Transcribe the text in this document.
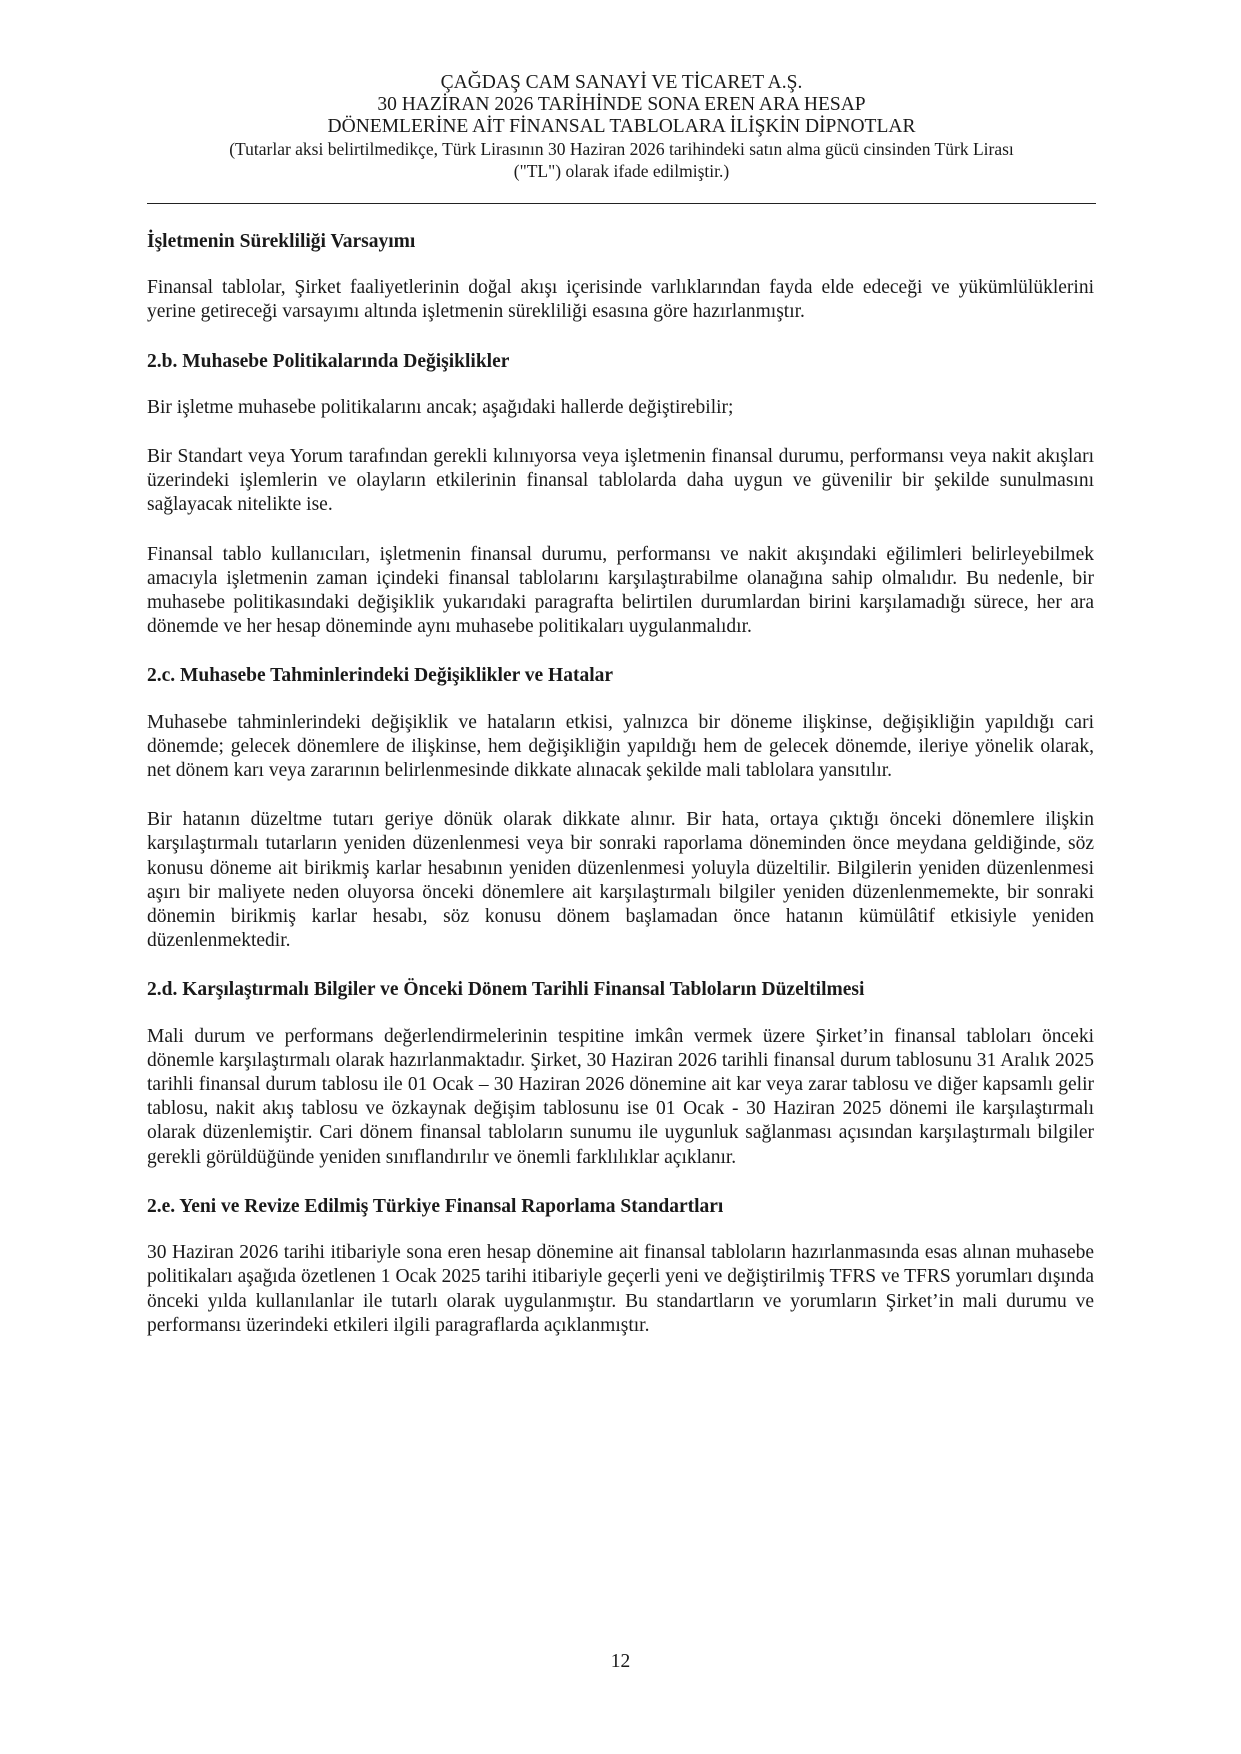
ÇAĞDAŞ CAM SANAYİ VE TİCARET A.Ş.
30 HAZİRAN 2026 TARİHİNDE SONA EREN ARA HESAP
DÖNEMLERİNE AİT FİNANSAL TABLOLARA İLİŞKİN DİPNOTLAR
(Tutarlar aksi belirtilmedikçe, Türk Lirasının 30 Haziran 2026 tarihindeki satın alma gücü cinsinden Türk Lirası
("TL") olarak ifade edilmiştir.)

İşletmenin Sürekliliği Varsayımı

Finansal tablolar, Şirket faaliyetlerinin doğal akışı içerisinde varlıklarından fayda elde edeceği ve yükümlülüklerini yerine getireceği varsayımı altında işletmenin sürekliliği esasına göre hazırlanmıştır.

2.b. Muhasebe Politikalarında Değişiklikler

Bir işletme muhasebe politikalarını ancak; aşağıdaki hallerde değiştirebilir;

Bir Standart veya Yorum tarafından gerekli kılınıyorsa veya işletmenin finansal durumu, performansı veya nakit akışları üzerindeki işlemlerin ve olayların etkilerinin finansal tablolarda daha uygun ve güvenilir bir şekilde sunulmasını sağlayacak nitelikte ise.

Finansal tablo kullanıcıları, işletmenin finansal durumu, performansı ve nakit akışındaki eğilimleri belirleyebilmek amacıyla işletmenin zaman içindeki finansal tablolarını karşılaştırabilme olanağına sahip olmalıdır. Bu nedenle, bir muhasebe politikasındaki değişiklik yukarıdaki paragrafta belirtilen durumlardan birini karşılamadığı sürece, her ara dönemde ve her hesap döneminde aynı muhasebe politikaları uygulanmalıdır.

2.c. Muhasebe Tahminlerindeki Değişiklikler ve Hatalar

Muhasebe tahminlerindeki değişiklik ve hataların etkisi, yalnızca bir döneme ilişkinse, değişikliğin yapıldığı cari dönemde; gelecek dönemlere de ilişkinse, hem değişikliğin yapıldığı hem de gelecek dönemde, ileriye yönelik olarak, net dönem karı veya zararının belirlenmesinde dikkate alınacak şekilde mali tablolara yansıtılır.

Bir hatanın düzeltme tutarı geriye dönük olarak dikkate alınır. Bir hata, ortaya çıktığı önceki dönemlere ilişkin karşılaştırmalı tutarların yeniden düzenlenmesi veya bir sonraki raporlama döneminden önce meydana geldiğinde, söz konusu döneme ait birikmiş karlar hesabının yeniden düzenlenmesi yoluyla düzeltilir. Bilgilerin yeniden düzenlenmesi aşırı bir maliyete neden oluyorsa önceki dönemlere ait karşılaştırmalı bilgiler yeniden düzenlenmemekte, bir sonraki dönemin birikmiş karlar hesabı, söz konusu dönem başlamadan önce hatanın kümülâtif etkisiyle yeniden düzenlenmektedir.

2.d. Karşılaştırmalı Bilgiler ve Önceki Dönem Tarihli Finansal Tabloların Düzeltilmesi

Mali durum ve performans değerlendirmelerinin tespitine imkân vermek üzere Şirket’in finansal tabloları önceki dönemle karşılaştırmalı olarak hazırlanmaktadır. Şirket, 30 Haziran 2026 tarihli finansal durum tablosunu 31 Aralık 2025 tarihli finansal durum tablosu ile 01 Ocak – 30 Haziran 2026 dönemine ait kar veya zarar tablosu ve diğer kapsamlı gelir tablosu, nakit akış tablosu ve özkaynak değişim tablosunu ise 01 Ocak - 30 Haziran 2025 dönemi ile karşılaştırmalı olarak düzenlemiştir. Cari dönem finansal tabloların sunumu ile uygunluk sağlanması açısından karşılaştırmalı bilgiler gerekli görüldüğünde yeniden sınıflandırılır ve önemli farklılıklar açıklanır.

2.e. Yeni ve Revize Edilmiş Türkiye Finansal Raporlama Standartları

30 Haziran 2026 tarihi itibariyle sona eren hesap dönemine ait finansal tabloların hazırlanmasında esas alınan muhasebe politikaları aşağıda özetlenen 1 Ocak 2025 tarihi itibariyle geçerli yeni ve değiştirilmiş TFRS ve TFRS yorumları dışında önceki yılda kullanılanlar ile tutarlı olarak uygulanmıştır. Bu standartların ve yorumların Şirket’in mali durumu ve performansı üzerindeki etkileri ilgili paragraflarda açıklanmıştır.

12
